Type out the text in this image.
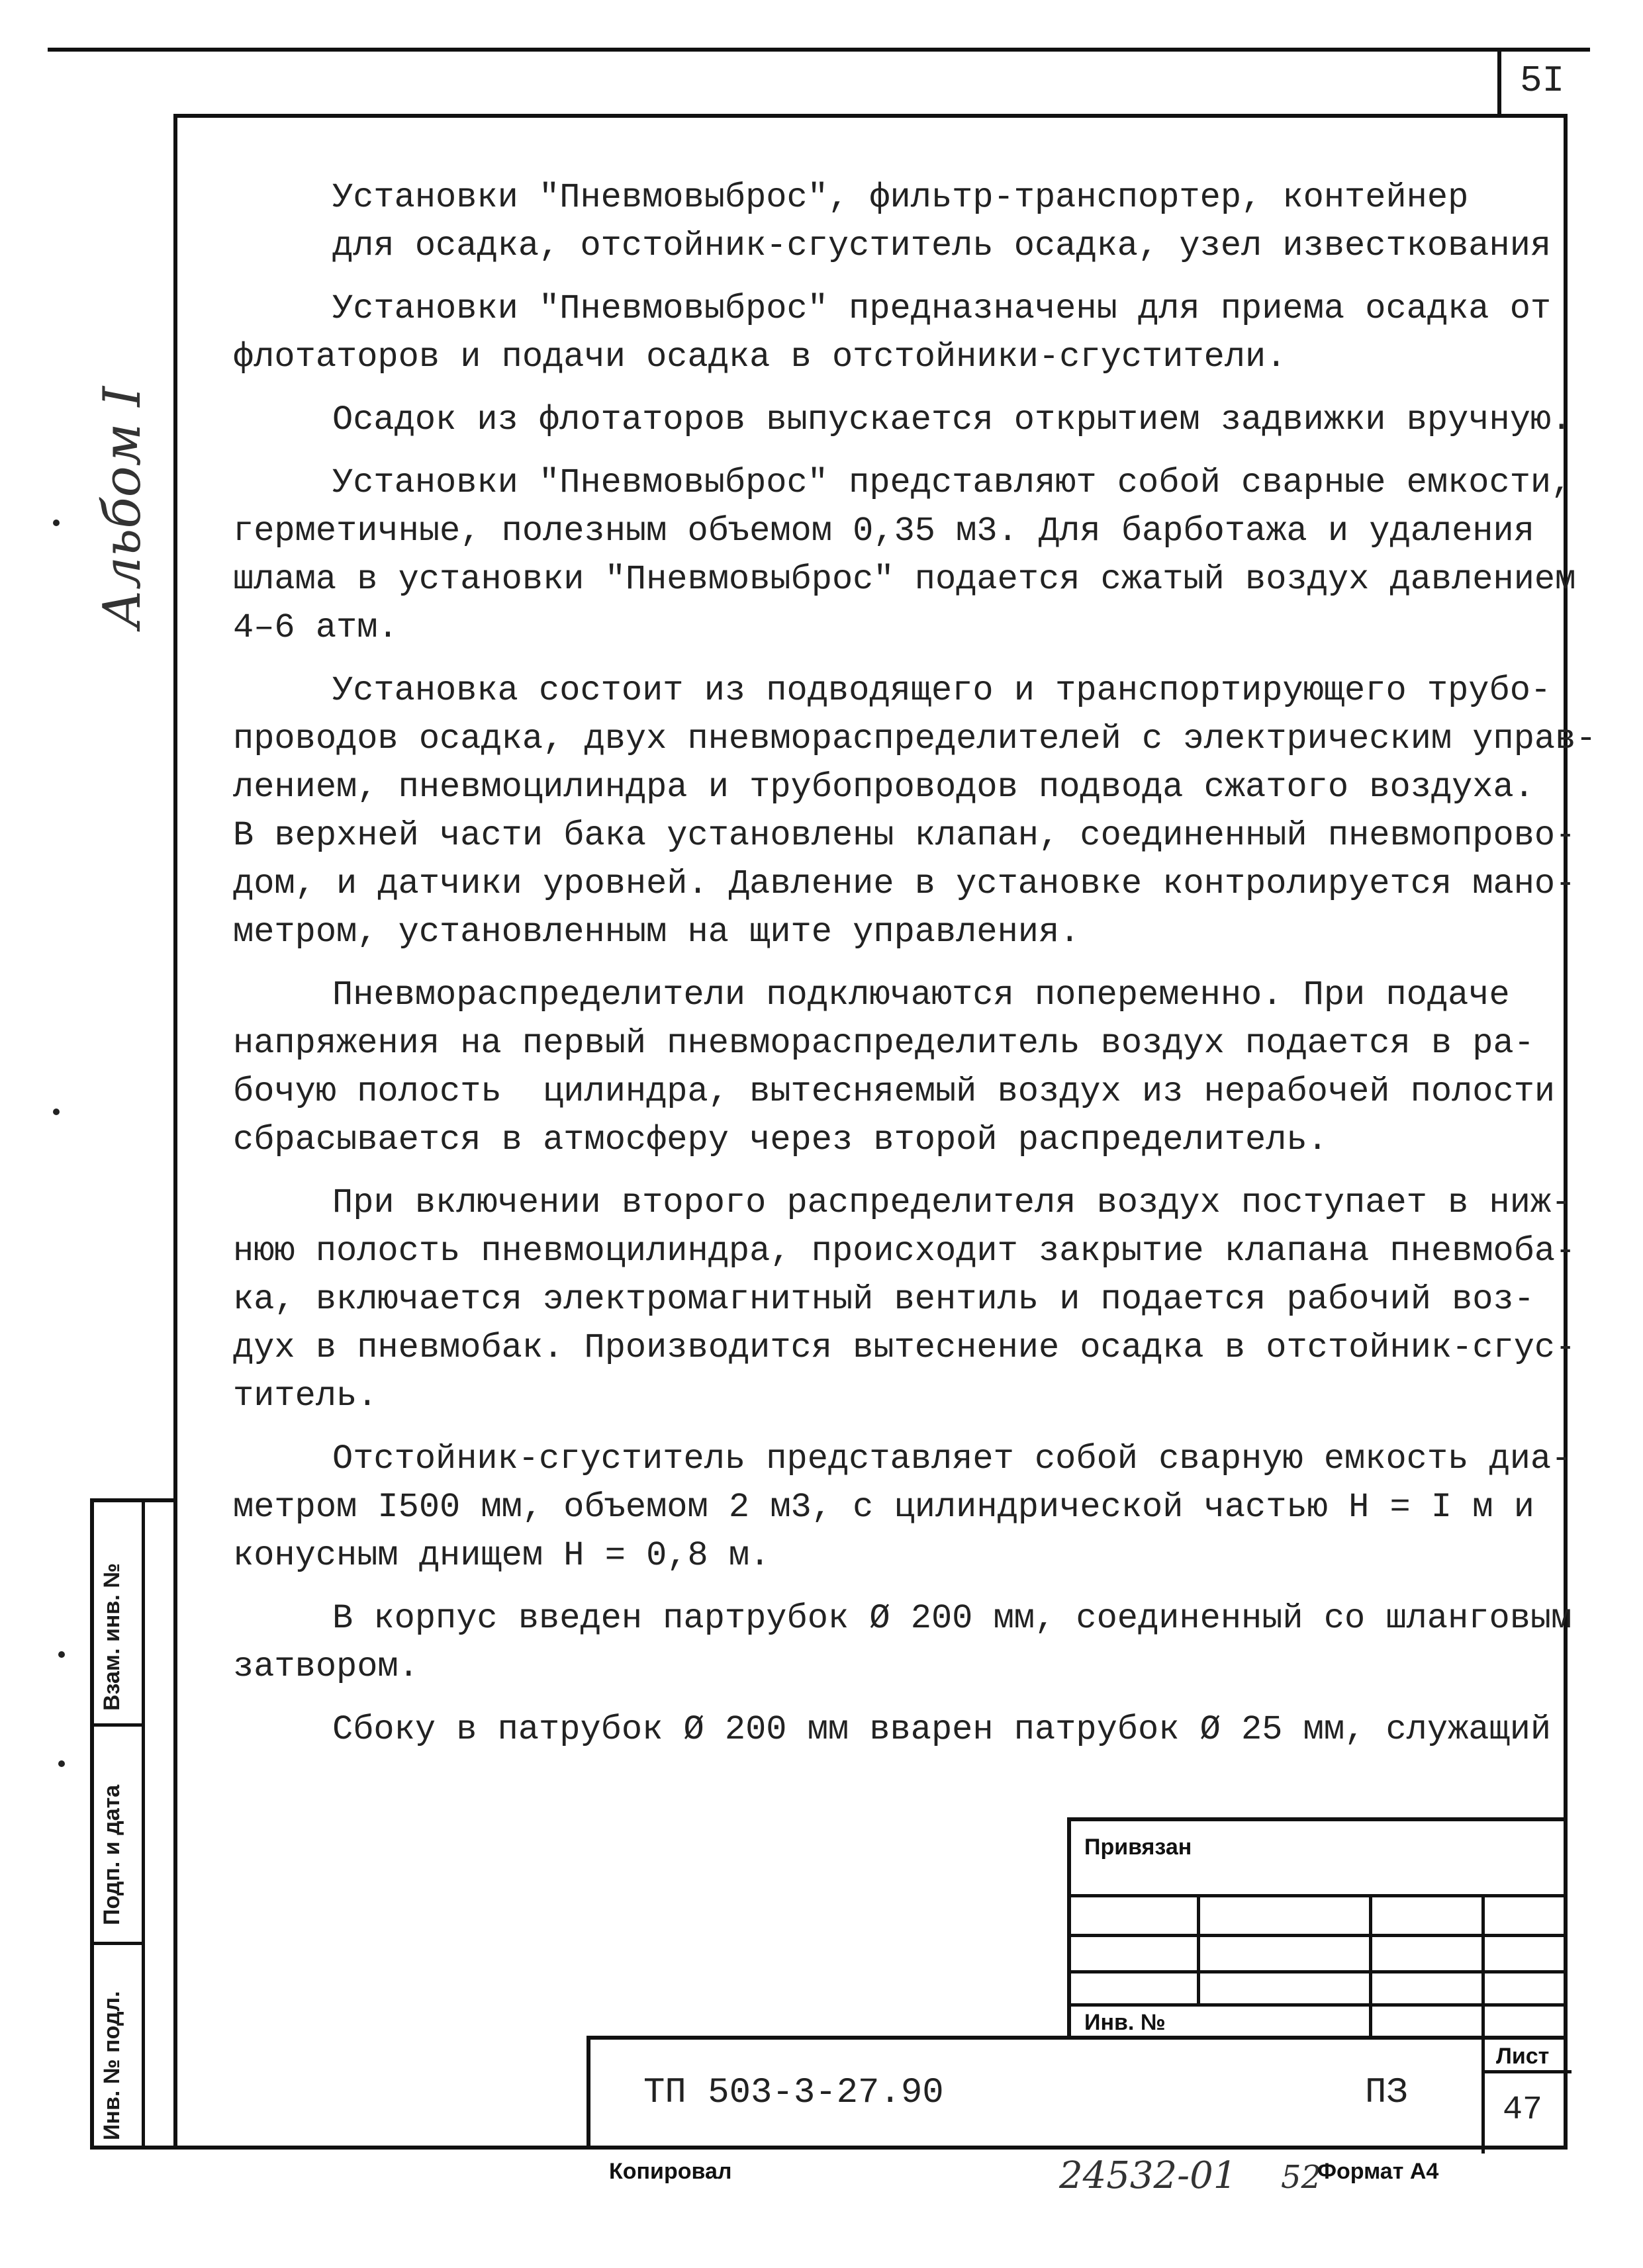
5I
Альбом I
Установки "Пневмовыброс", фильтр-транспортер, контейнер
для осадка, отстойник-сгуститель осадка, узел известкования
Установки "Пневмовыброс" предназначены для приема осадка от
флотаторов и подачи осадка в отстойники-сгустители.
Осадок из флотаторов выпускается открытием задвижки вручную.
Установки "Пневмовыброс" представляют собой сварные емкости,
герметичные, полезным объемом 0,35 м3. Для барботажа и удаления
шлама в установки "Пневмовыброс" подается сжатый воздух давлением
4–6 атм.
Установка состоит из подводящего и транспортирующего трубо-
проводов осадка, двух пневмораспределителей с электрическим управ-
лением, пневмоцилиндра и трубопроводов подвода сжатого воздуха.
В верхней части бака установлены клапан, соединенный пневмопрово-
дом, и датчики уровней. Давление в установке контролируется мано-
метром, установленным на щите управления.
Пневмораспределители подключаются попеременно. При подаче
напряжения на первый пневмораспределитель воздух подается в ра-
бочую полость  цилиндра, вытесняемый воздух из нерабочей полости
сбрасывается в атмосферу через второй распределитель.
При включении второго распределителя воздух поступает в ниж-
нюю полость пневмоцилиндра, происходит закрытие клапана пневмоба-
ка, включается электромагнитный вентиль и подается рабочий воз-
дух в пневмобак. Производится вытеснение осадка в отстойник-сгус-
титель.
Отстойник-сгуститель представляет собой сварную емкость диа-
метром I500 мм, объемом 2 м3, с цилиндрической частью H = I м и
конусным днищем H = 0,8 м.
В корпус введен партрубок Ø 200 мм, соединенный со шланговым
затвором.
Сбоку в патрубок Ø 200 мм вварен патрубок Ø 25 мм, служащий
Взам. инв. №
Подп. и дата
Инв. № подл.
Привязан
Инв. №
ТП 503-3-27.90	ПЗ
Лист
47
Копировал	24532-01 52
Формат А4
